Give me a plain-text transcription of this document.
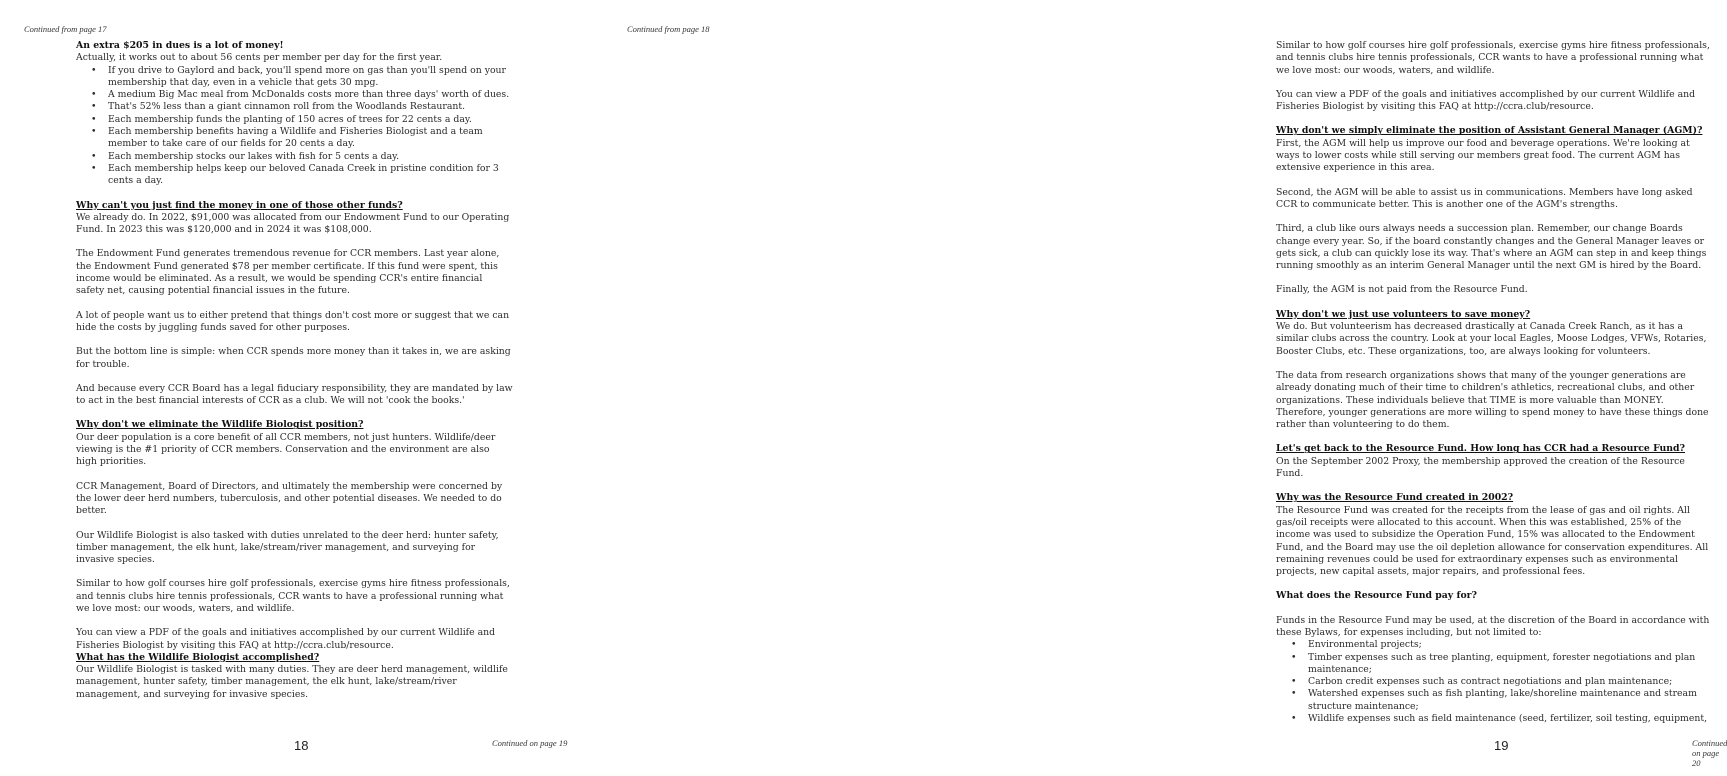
Continued from page 17
An extra $205 in dues is a lot of money!

Actually, it works out to about 56 cents per member per day for the first year.

• If you drive to Gaylord and back, you'll spend more on gas than you'll spend on your membership that day, even in a vehicle that gets 30 mpg.
• A medium Big Mac meal from McDonalds costs more than three days' worth of dues.
• That's 52% less than a giant cinnamon roll from the Woodlands Restaurant.
• Each membership funds the planting of 150 acres of trees for 22 cents a day.
• Each membership benefits having a Wildlife and Fisheries Biologist and a team member to take care of our fields for 20 cents a day.
• Each membership stocks our lakes with fish for 5 cents a day.
• Each membership helps keep our beloved Canada Creek in pristine condition for 3 cents a day.
Why can't you just find the money in one of those other funds?

We already do. In 2022, $91,000 was allocated from our Endowment Fund to our Operating Fund. In 2023 this was $120,000 and in 2024 it was $108,000.

The Endowment Fund generates tremendous revenue for CCR members. Last year alone, the Endowment Fund generated $78 per member certificate. If this fund were spent, this income would be eliminated. As a result, we would be spending CCR's entire financial safety net, causing potential financial issues in the future.

A lot of people want us to either pretend that things don't cost more or suggest that we can hide the costs by juggling funds saved for other purposes.

But the bottom line is simple: when CCR spends more money than it takes in, we are asking for trouble.

And because every CCR Board has a legal fiduciary responsibility, they are mandated by law to act in the best financial interests of CCR as a club. We will not 'cook the books.'

Why don't we eliminate the Wildlife Biologist position?

Our deer population is a core benefit of all CCR members, not just hunters. Wildlife/deer viewing is the #1 priority of CCR members. Conservation and the environment are also high priorities.

CCR Management, Board of Directors, and ultimately the membership were concerned by the lower deer herd numbers, tuberculosis, and other potential diseases. We needed to do better.

Our Wildlife Biologist is also tasked with duties unrelated to the deer herd: hunter safety, timber management, the elk hunt, lake/stream/river management, and surveying for invasive species.

Similar to how golf courses hire golf professionals, exercise gyms hire fitness professionals, and tennis clubs hire tennis professionals, CCR wants to have a professional running what we love most: our woods, waters, and wildlife.

You can view a PDF of the goals and initiatives accomplished by our current Wildlife and Fisheries Biologist by visiting this FAQ at http://ccra.club/resource.

What has the Wildlife Biologist accomplished?

Our Wildlife Biologist is tasked with many duties. They are deer herd management, wildlife management, hunter safety, timber management, the elk hunt, lake/stream/river management, and surveying for invasive species.

18	Continued on page 19
Continued from page 18

Similar to how golf courses hire golf professionals, exercise gyms hire fitness professionals, and tennis clubs hire tennis professionals, CCR wants to have a professional running what we love most: our woods, waters, and wildlife.

You can view a PDF of the goals and initiatives accomplished by our current Wildlife and Fisheries Biologist by visiting this FAQ at http://ccra.club/resource.

Why don't we simply eliminate the position of Assistant General Manager (AGM)?

First, the AGM will help us improve our food and beverage operations. We're looking at ways to lower costs while still serving our members great food. The current AGM has extensive experience in this area.

Second, the AGM will be able to assist us in communications. Members have long asked CCR to communicate better. This is another one of the AGM's strengths.

Third, a club like ours always needs a succession plan. Remember, our change Boards change every year. So, if the board constantly changes and the General Manager leaves or gets sick, a club can quickly lose its way. That's where an AGM can step in and keep things running smoothly as an interim General Manager until the next GM is hired by the Board.

Finally, the AGM is not paid from the Resource Fund.

Why don't we just use volunteers to save money?

We do. But volunteerism has decreased drastically at Canada Creek Ranch, as it has a similar clubs across the country. Look at your local Eagles, Moose Lodges, VFWs, Rotaries, Booster Clubs, etc. These organizations, too, are always looking for volunteers.

The data from research organizations shows that many of the younger generations are already donating much of their time to children's athletics, recreational clubs, and other organizations. These individuals believe that TIME is more valuable than MONEY. Therefore, younger generations are more willing to spend money to have these things done rather than volunteering to do them.

Let's get back to the Resource Fund. How long has CCR had a Resource Fund?

On the September 2002 Proxy, the membership approved the creation of the Resource Fund.

Why was the Resource Fund created in 2002?

The Resource Fund was created for the receipts from the lease of gas and oil rights. All gas/oil receipts were allocated to this account. When this was established, 25% of the income was used to subsidize the Operation Fund, 15% was allocated to the Endowment Fund, and the Board may use the oil depletion allowance for conservation expenditures. All remaining revenues could be used for extraordinary expenses such as environmental projects, new capital assets, major repairs, and professional fees.

What does the Resource Fund pay for?

Funds in the Resource Fund may be used, at the discretion of the Board in accordance with these Bylaws, for expenses including, but not limited to:

• Environmental projects;
• Timber expenses such as tree planting, equipment, forester negotiations and plan maintenance;
• Carbon credit expenses such as contract negotiations and plan maintenance;
• Watershed expenses such as fish planting, lake/shoreline maintenance and stream structure maintenance;
• Wildlife expenses such as field maintenance (seed, fertilizer, soil testing, equipment,
19	Continued on page 20
